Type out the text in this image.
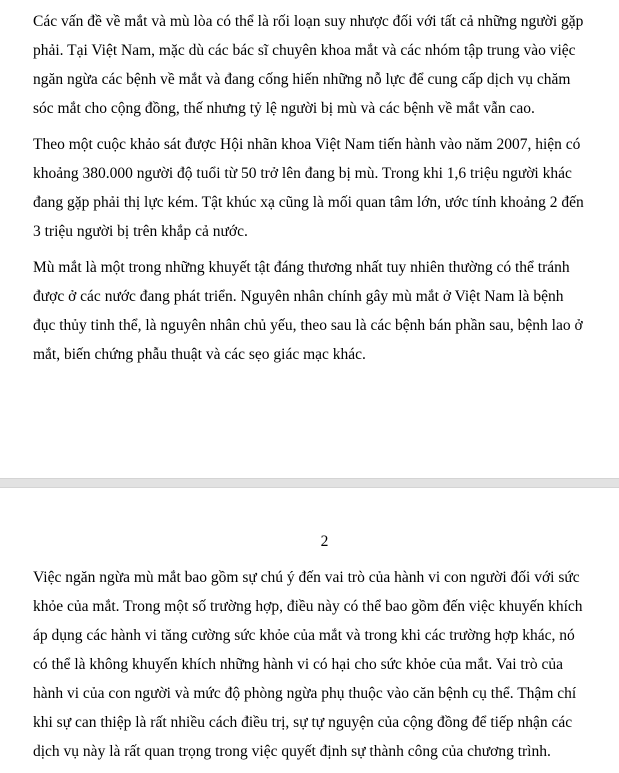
Các vấn đề về mắt và mù lòa có thể là rối loạn suy nhược đối với tất cả những người gặp
phải. Tại Việt Nam, mặc dù các bác sĩ chuyên khoa mắt và các nhóm tập trung vào việc
ngăn ngừa các bệnh về mắt và đang cống hiến những nỗ lực để cung cấp dịch vụ chăm
sóc mắt cho cộng đồng, thế nhưng tỷ lệ người bị mù và các bệnh về mắt vẫn cao.

Theo một cuộc khảo sát được Hội nhãn khoa Việt Nam tiến hành vào năm 2007, hiện có
khoảng 380.000 người độ tuổi từ 50 trở lên đang bị mù. Trong khi 1,6 triệu người khác
đang gặp phải thị lực kém. Tật khúc xạ cũng là mối quan tâm lớn, ước tính khoảng 2 đến
3 triệu người bị trên khắp cả nước.

Mù mắt là một trong những khuyết tật đáng thương nhất tuy nhiên thường có thể tránh
được ở các nước đang phát triển. Nguyên nhân chính gây mù mắt ở Việt Nam là bệnh
đục thủy tinh thể, là nguyên nhân chủ yếu, theo sau là các bệnh bán phần sau, bệnh lao ở
mắt, biến chứng phẫu thuật và các sẹo giác mạc khác.

2

Việc ngăn ngừa mù mắt bao gồm sự chú ý đến vai trò của hành vi con người đối với sức
khỏe của mắt. Trong một số trường hợp, điều này có thể bao gồm đến việc khuyến khích
áp dụng các hành vi tăng cường sức khỏe của mắt và trong khi các trường hợp khác, nó
có thể là không khuyến khích những hành vi có hại cho sức khỏe của mắt. Vai trò của
hành vi của con người và mức độ phòng ngừa phụ thuộc vào căn bệnh cụ thể. Thậm chí
khi sự can thiệp là rất nhiều cách điều trị, sự tự nguyện của cộng đồng để tiếp nhận các
dịch vụ này là rất quan trọng trong việc quyết định sự thành công của chương trình.
